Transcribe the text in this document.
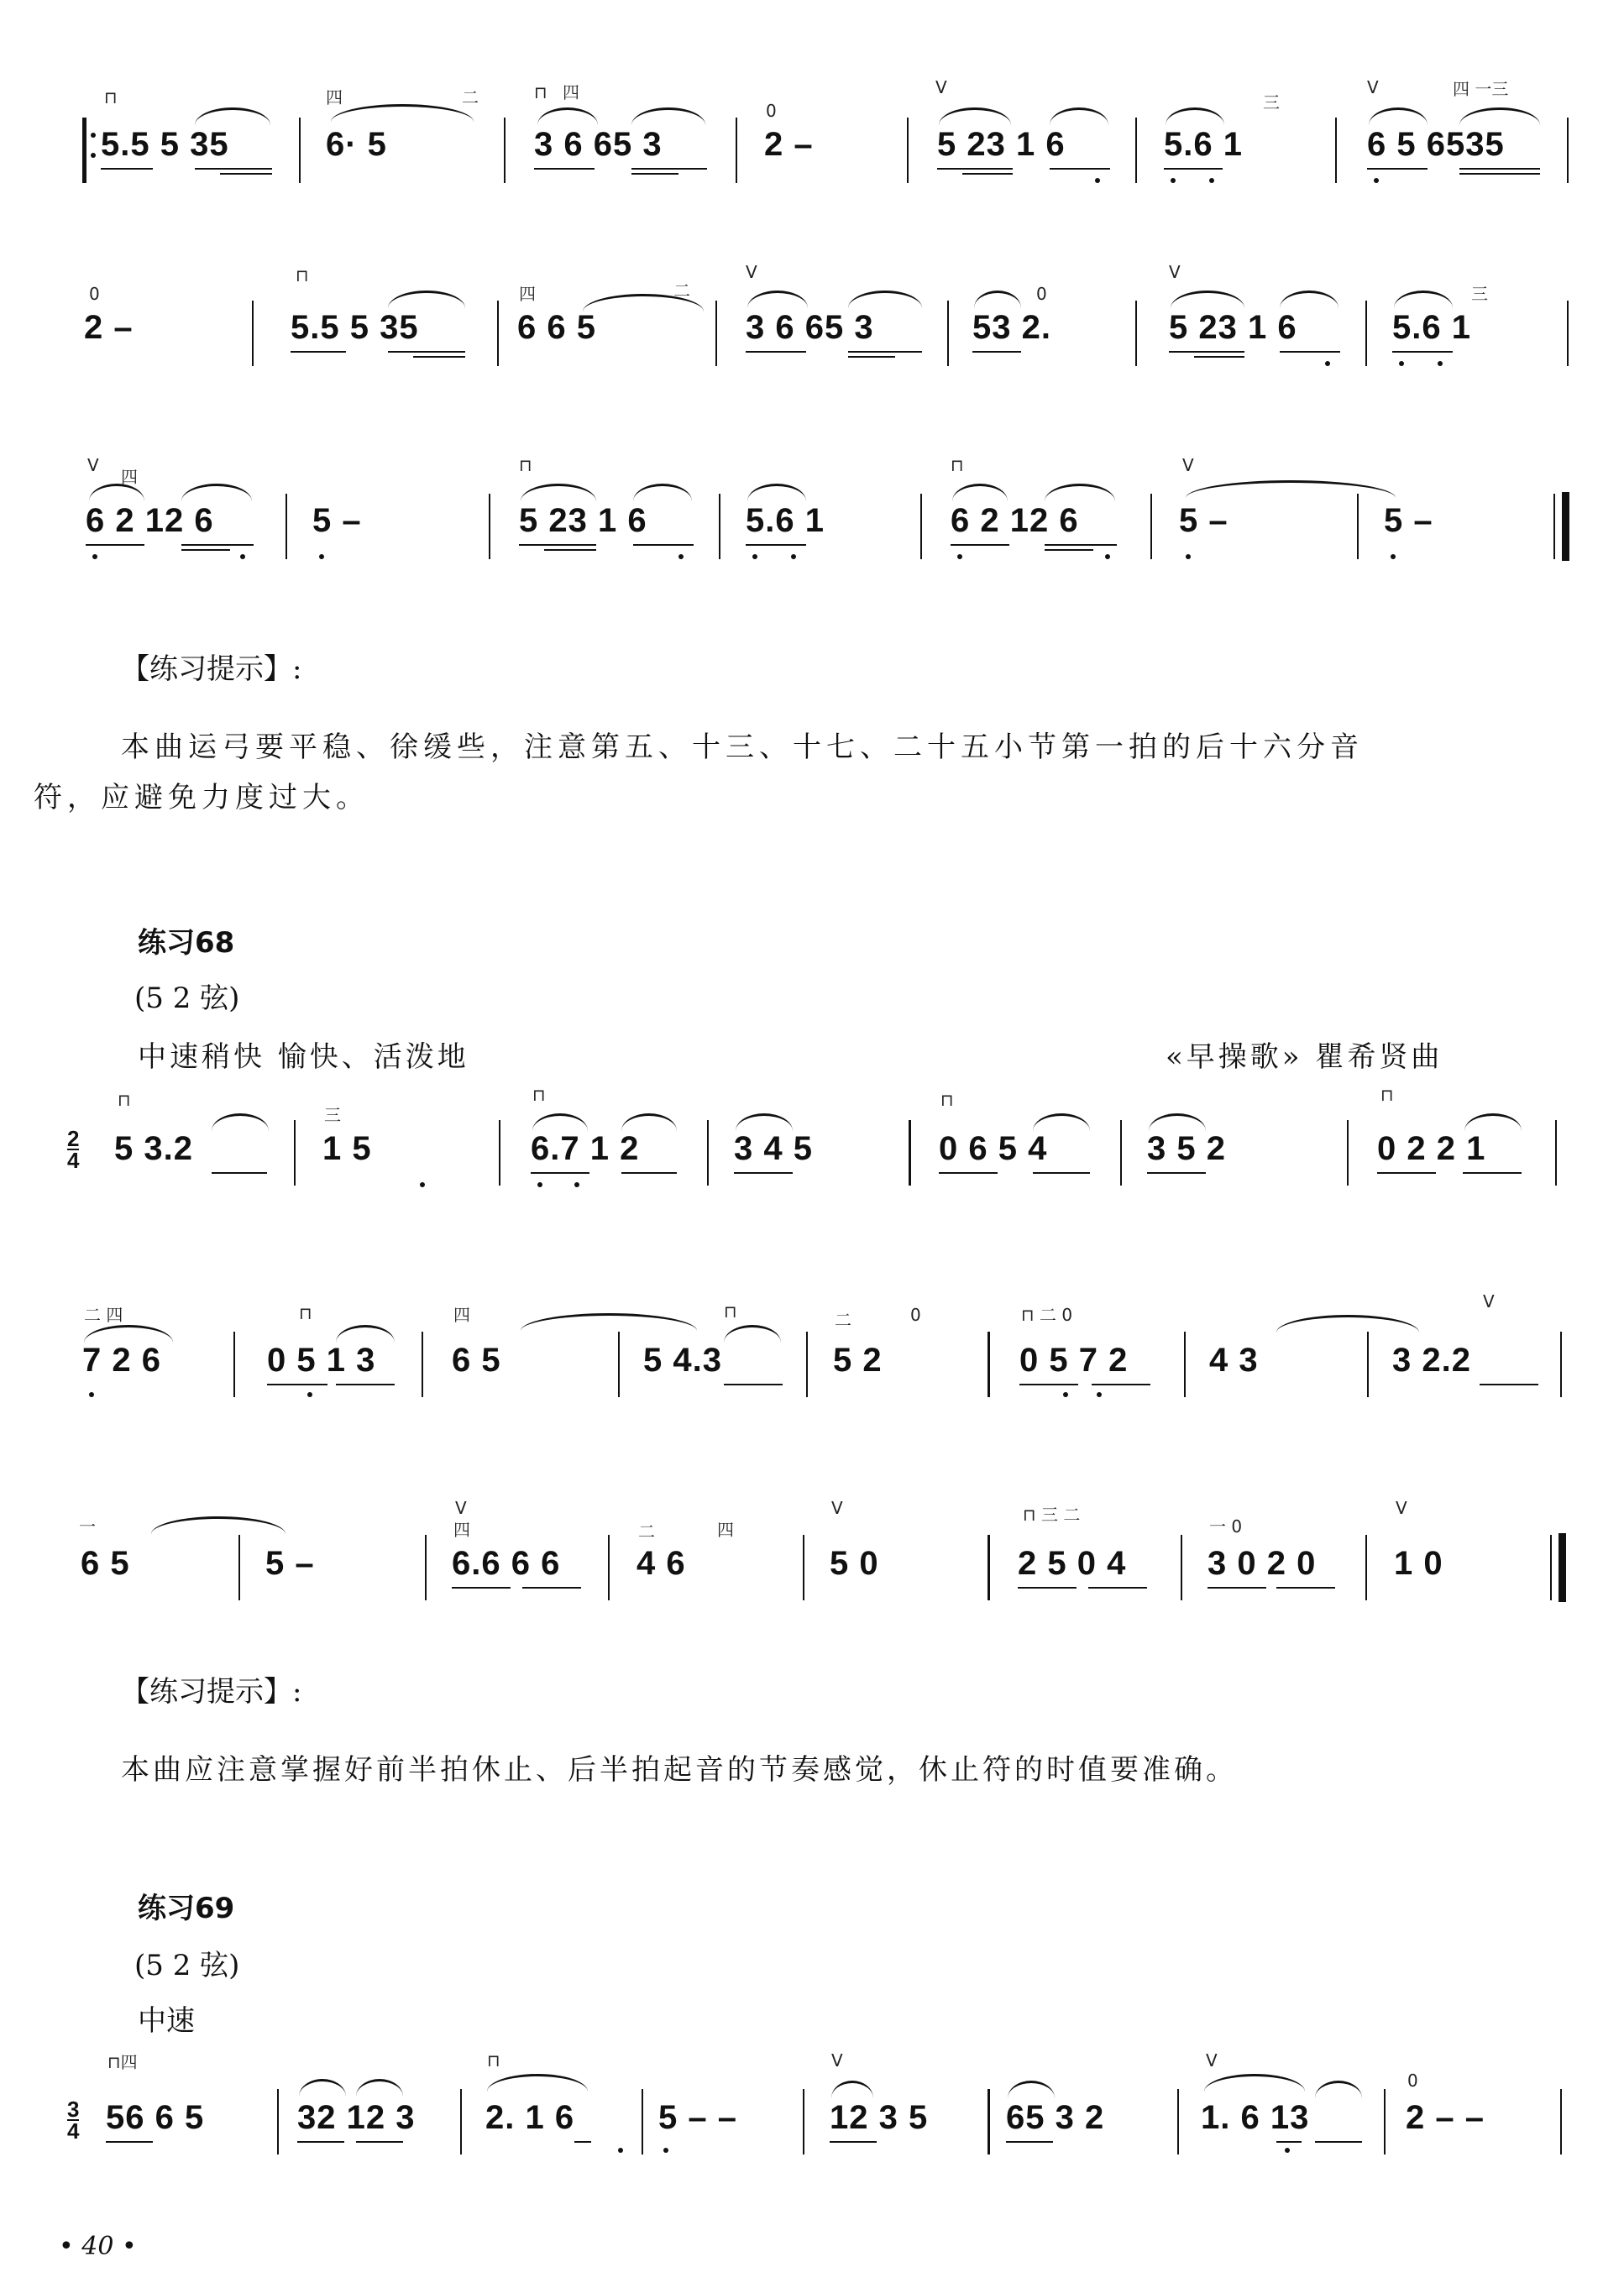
⊓
5.5 5 35
四
6· 5
二	⊓ 四
3 6 65 3
0
2 –
V
5 23 1 6	5.6 1
三
V	四 一三
6 5 6535
0
2 –
⊓
5.5 5 35
四
6 6 5
二
V
3 6 65 3	53 2.
0
V
5 23 1 6	5.6 1
三
V
四
6 2 12 6	5 –
⊓
5 23 1 6	5.6 1
⊓
6 2 12 6
V
5 –	5 –
【练习提示】:
本曲运弓要平稳、徐缓些，注意第五、十三、十七、二十五小节第一拍的后十六分音
符，应避免力度过大。
练习68
(5 2 弦)
中速稍快 愉快、活泼地	«早操歌» 瞿希贤曲
$\frac{2}{4}$
⊓
5 3.2
三
1 5
⊓
6.7 1 2	3 4 5
⊓
0 6 5 4	3 5 2
⊓
0 2 2 1
二 四
7 2 6
⊓
0 5 1 3
四
6 5
⊓
5 4.3
二	0
5 2
⊓ 二 0
0 5 7 2 4 3
V
3 2.2
一
6 5	5 –
V
四
6.6 6 6
二	四
4 6
V
5 0
⊓ 三 二
2 5 0 4
一 0
3 0 2 0
V
1 0
【练习提示】:
本曲应注意掌握好前半拍休止、后半拍起音的节奏感觉，休止符的时值要准确。
练习69
(5 2 弦)
中速
$\frac{3}{4}$
⊓四
56 6 5	32 12 3
⊓
2. 1 6 5 – –
V
12 3 5 65 3 2
V
1. 6 13
0
2 – –
• 40 •
